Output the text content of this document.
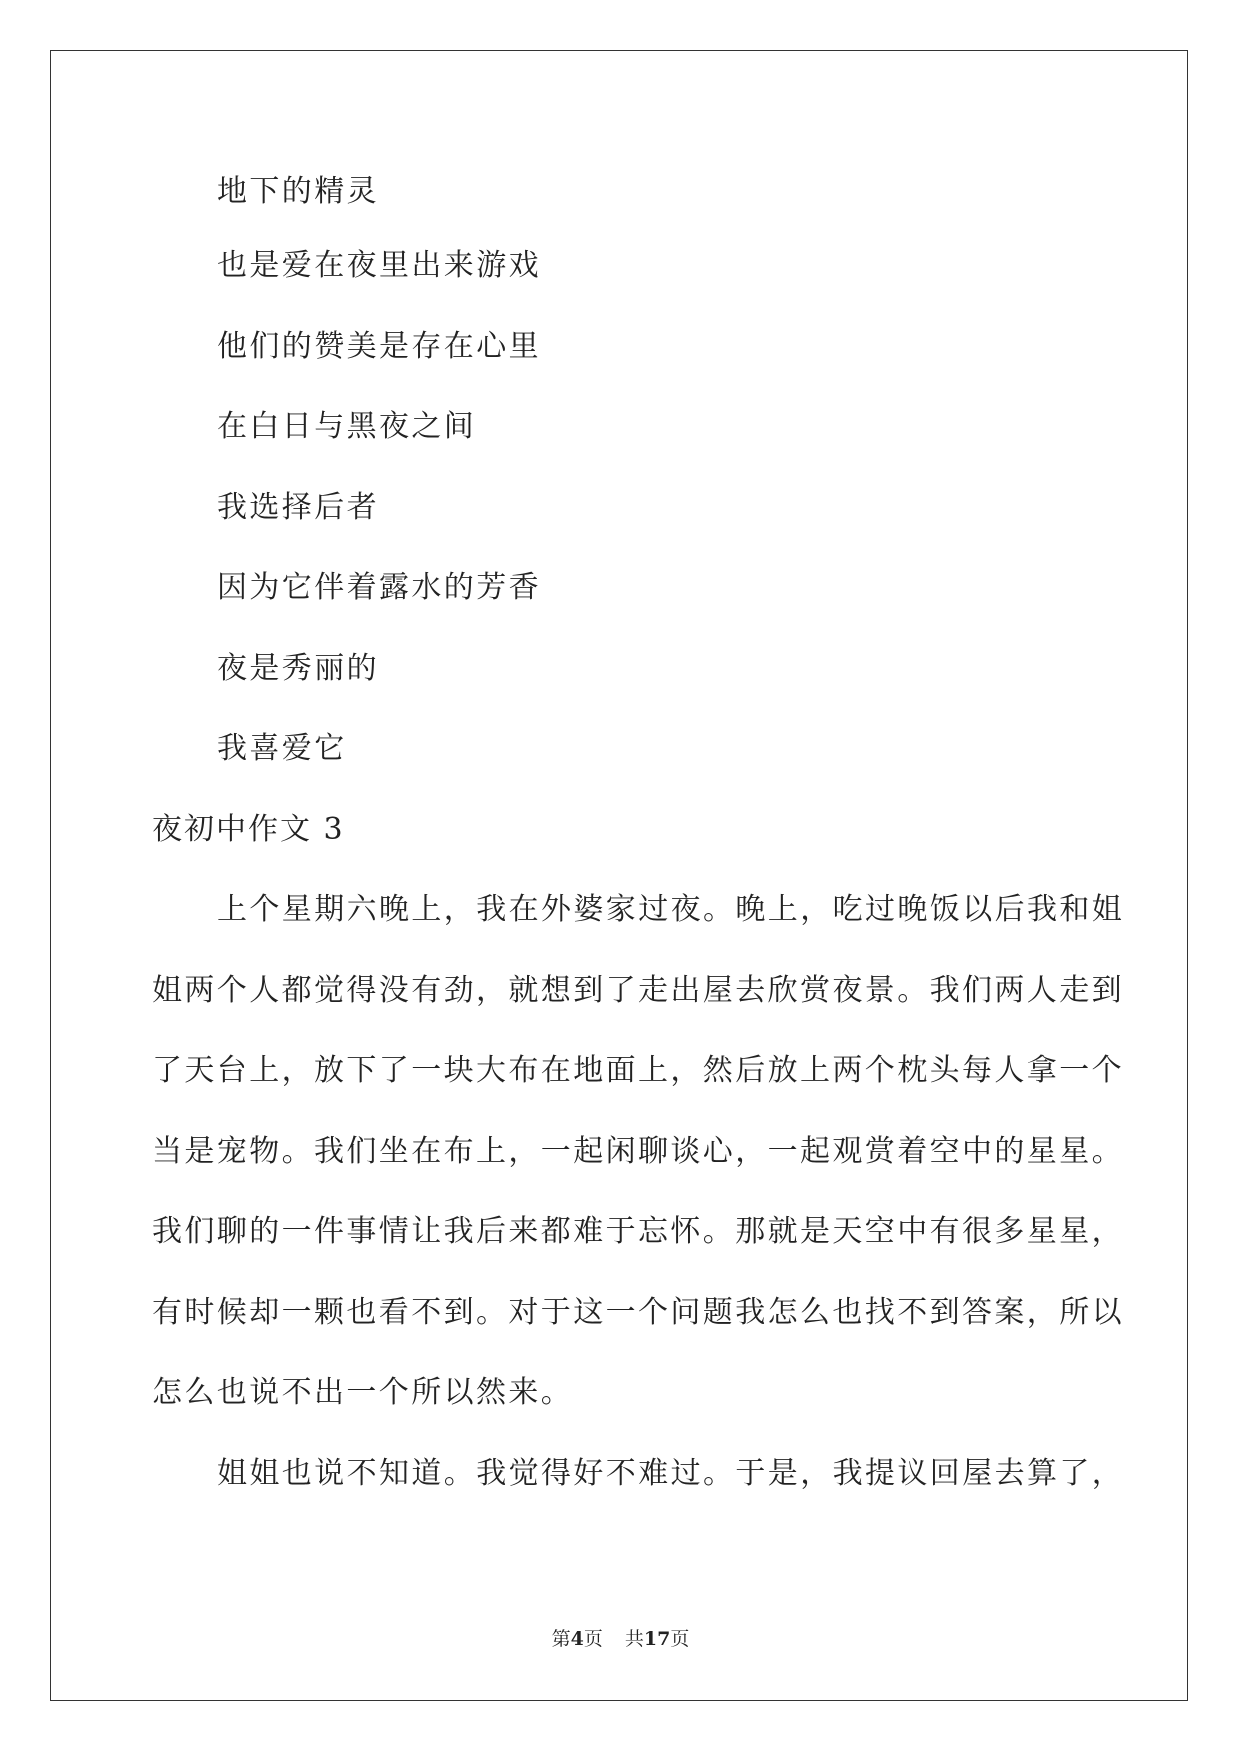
地下的精灵
也是爱在夜里出来游戏
他们的赞美是存在心里
在白日与黑夜之间
我选择后者
因为它伴着露水的芳香
夜是秀丽的
我喜爱它
夜初中作文 3
上个星期六晚上，我在外婆家过夜。晚上，吃过晚饭以后我和姐
姐两个人都觉得没有劲，就想到了走出屋去欣赏夜景。我们两人走到
了天台上，放下了一块大布在地面上，然后放上两个枕头每人拿一个
当是宠物。我们坐在布上，一起闲聊谈心，一起观赏着空中的星星。
我们聊的一件事情让我后来都难于忘怀。那就是天空中有很多星星，
有时候却一颗也看不到。对于这一个问题我怎么也找不到答案，所以
怎么也说不出一个所以然来。
姐姐也说不知道。我觉得好不难过。于是，我提议回屋去算了，
第4页 共17页
